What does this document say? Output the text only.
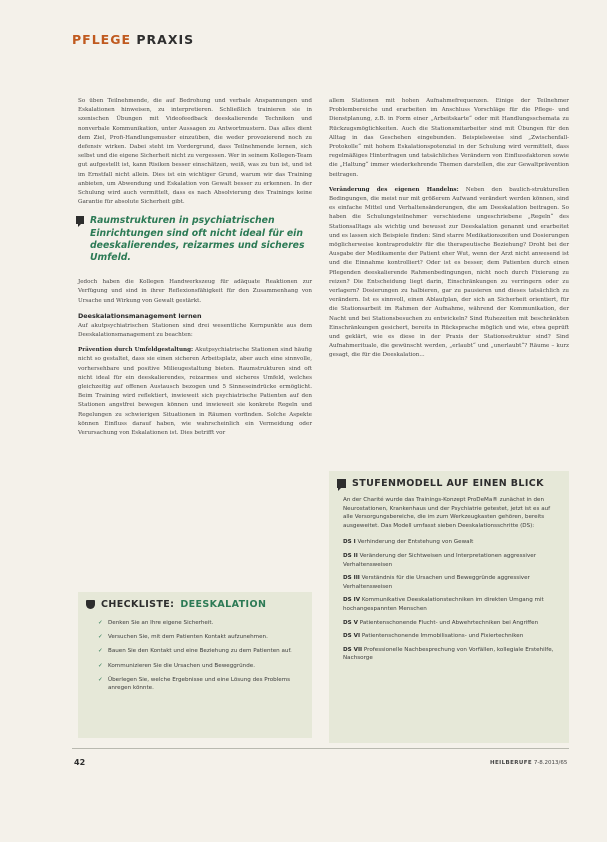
PFLEGE PRAXIS

So üben Teilnehmende, die auf Bedrohung und verbale Anspannungen und Eskalationen hinweisen, zu interpretieren. Schließlich trainieren sie in szenischen Übungen mit Videofeedback deeskalierende Techniken und nonverbale Kommunikation, unter Aussagen zu Antwortmustern. Das alles dient dem Ziel, Profi-Handlungsmuster einzuüben, die weder provozierend noch zu defensiv wirken. Dabei steht im Vordergrund, dass Teilnehmende lernen, sich selbst und die eigene Sicherheit nicht zu vergessen. Wer in seinem Kollegen-Team gut aufgestellt ist, kann Risiken besser einschätzen, weiß, was zu tun ist, und ist im Ernstfall nicht allein. Dies ist ein wichtiger Grund, warum wir das Training anbieten, um Abwendung und Eskalation von Gewalt besser zu erkennen. In der Schulung wird auch vermittelt, dass es nach Absolvierung des Trainings keine Garantie für absolute Sicherheit gibt.

Raumstrukturen in psychiatrischen Einrichtungen sind oft nicht ideal für ein deeskalierendes, reizarmes und sicheres Umfeld.

Jedoch haben die Kollegen Handwerkszeug für adäquate Reaktionen zur Verfügung und sind in ihrer Reflexionsfähigkeit für den Zusammenhang von Ursache und Wirkung von Gewalt gestärkt.

Deeskalationsmanagement lernen

Auf akutpsychiatrischen Stationen sind drei wesentliche Kernpunkte aus dem Deeskalationsmanagement zu beachten:

Prävention durch Umfeldgestaltung: Akutpsychiatrische Stationen sind häufig nicht so gestaltet, dass sie einen sicheren Arbeitsplatz, aber auch eine sinnvolle, vorhersehbare und positive Milieugestaltung bieten. Raumstrukturen sind oft nicht ideal für ein deeskalierendes, reizarmes und sicheres Umfeld, welches gleichzeitig auf offenen Austausch bezogen und 5 Sinneseindrücke ermöglicht. Beim Training wird reflektiert, inwieweit sich psychiatrische Patienten auf den Stationen angstfrei bewegen können und inwieweit sie konkrete Regeln und Regelungen zu schwierigen Situationen in Räumen vorfinden. Solche Aspekte können Einfluss darauf haben, wie wahrscheinlich ein Vermeidung oder Verursachung von Eskalationen ist. Dies betrifft vor

allem Stationen mit hohen Aufnahmefrequenzen. Einige der Teilnehmer Problembereiche und erarbeiten im Anschluss Vorschläge für die Pflege- und Dienstplanung, z.B. in Form einer „Arbeitskarte“ oder mit Handlungsschemata zu Rückzugsmöglichkeiten. Auch die Stationsmitarbeiter sind mit Übungen für den Alltag in das Geschehen eingebunden. Beispielsweise sind „Zwischenfall-Protokolle“ mit hohem Eskalationspotenzial in der Schulung wird vermittelt, dass regelmäßiges Hinterfragen und tatsächliches Verändern von Einflussfaktoren sowie die „Haltung“ immer wiederkehrende Themen darstellen, die zur Gewaltprävention beitragen.

Veränderung des eigenen Handelns: Neben den baulich-strukturellen Bedingungen, die meist nur mit größerem Aufwand verändert werden können, sind es einfache Mittel und Verhaltensänderungen, die am Deeskalation beitragen. So haben die Schulungsteilnehmer verschiedene ungeschriebene „Regeln“ des Stationsalltags als wichtig und bewusst zur Deeskalation genannt und erarbeitet und es lassen sich Beispiele finden: Sind starre Medikationszeiten und Dosierungen möglicherweise kontraproduktiv für die therapeutische Beziehung? Droht bei der Ausgabe der Medikamente der Patient eher Wut, wenn der Arzt nicht anwesend ist und die Einnahme kontrolliert? Oder ist es besser, dem Patienten durch einen Pflegenden deeskalierende Rahmenbedingungen, nicht noch durch Fixierung zu reizen? Die Entscheidung liegt darin, Einschränkungen zu verringern oder zu verlagern? Dosierungen zu halbieren, gar zu pausieren und dieses tatsächlich zu verändern. Ist es sinnvoll, einen Ablaufplan, der sich an Sicherheit orientiert, für die Stationsarbeit im Rahmen der Aufnahme, während der Kommunikation, der Nacht und bei Stationsbesuchen zu entwickeln? Sind Ruhezeiten mit beschränkten Einschränkungen gesichert, bereits in Rücksprache möglich und wie, etwa geprüft und geklärt, wie es diese in der Praxis der Stationsstruktur sind? Sind Aufnahmerituale, die gewünscht werden, „erlaubt“ und „unerlaubt“? Räume – kurz gesagt, die für die Deeskalation...

STUFENMODELL AUF EINEN BLICK

An der Charité wurde das Trainings-Konzept ProDeMa® zunächst in den Neurostationen, Krankenhaus und der Psychiatrie getestet, jetzt ist es auf alle Versorgungsbereiche, die im zum Werkzeugkasten gehören, bereits ausgeweitet. Das Modell umfasst sieben Deeskalationsschritte (DS):

DS I Verhinderung der Entstehung von Gewalt
DS II Veränderung der Sichtweisen und Interpretationen aggressiver Verhaltensweisen
DS III Verständnis für die Ursachen und Beweggründe aggressiver Verhaltensweisen
DS IV Kommunikative Deeskalationstechniken im direkten Umgang mit hochangespannten Menschen
DS V Patientenschonende Flucht- und Abwehrtechniken bei Angriffen
DS VI Patientenschonende Immobilisations- und Fixiertechniken
DS VII Professionelle Nachbesprechung von Vorfällen, kollegiale Erstehilfe, Nachsorge
CHECKLISTE: DEESKALATION
✓ Denken Sie an Ihre eigene Sicherheit.
✓ Versuchen Sie, mit dem Patienten Kontakt aufzunehmen.
✓ Bauen Sie den Kontakt und eine Beziehung zu dem Patienten auf.
✓ Kommunizieren Sie die Ursachen und Beweggründe.
✓ Überlegen Sie, welche Ergebnisse und eine Lösung des Problems anregen könnte.
42	HEILBERUFE 7-8.2013/65
